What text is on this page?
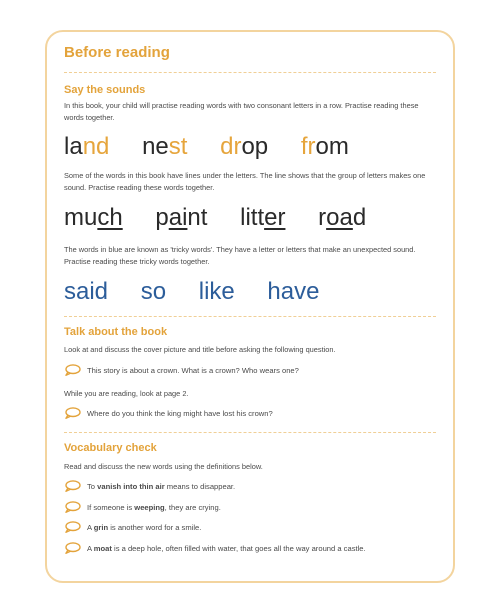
Before reading
Say the sounds
In this book, your child will practise reading words with two consonant letters in a row. Practise reading these words together.
land nest drop from
Some of the words in this book have lines under the letters. The line shows that the group of letters makes one sound. Practise reading these words together.
much paint litter road
The words in blue are known as 'tricky words'. They have a letter or letters that make an unexpected sound. Practise reading these tricky words together.
said so like have
Talk about the book
Look at and discuss the cover picture and title before asking the following question.
This story is about a crown. What is a crown? Who wears one?
While you are reading, look at page 2.
Where do you think the king might have lost his crown?
Vocabulary check
Read and discuss the new words using the definitions below.
To vanish into thin air means to disappear.
If someone is weeping, they are crying.
A grin is another word for a smile.
A moat is a deep hole, often filled with water, that goes all the way around a castle.
